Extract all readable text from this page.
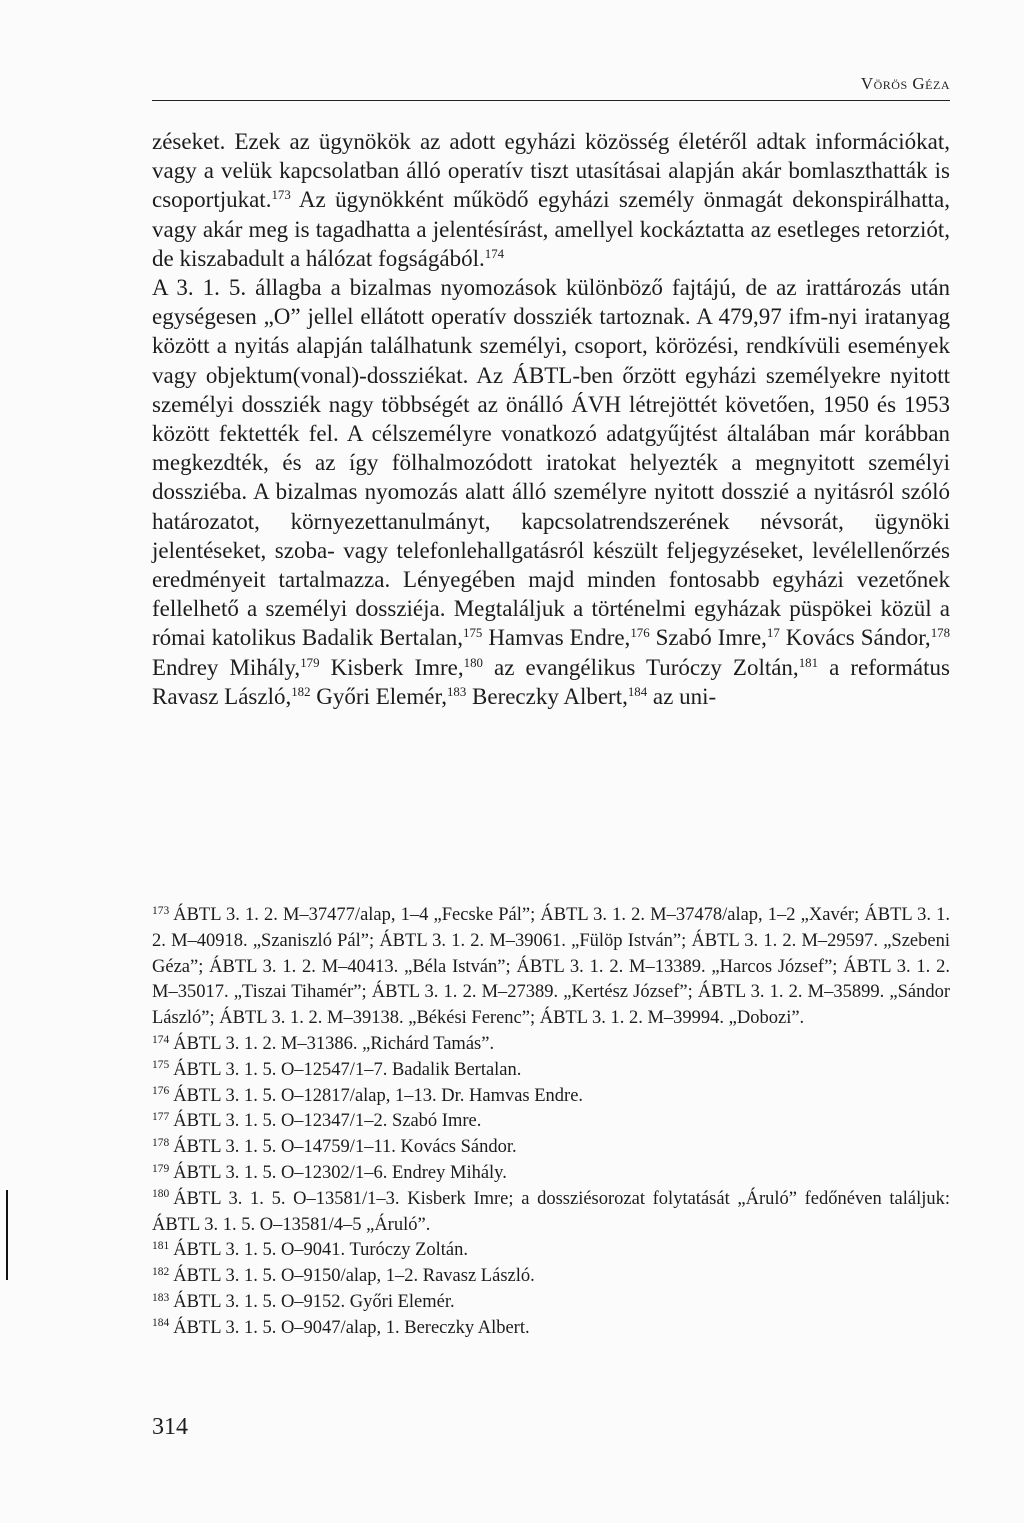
Vörös Géza

zéseket. Ezek az ügynökök az adott egyházi közösség életéről adtak információkat, vagy a velük kapcsolatban álló operatív tiszt utasításai alapján akár bomlaszthatták is csoportjukat.$^{173}$ Az ügynökként működő egyházi személy önmagát dekonspirálhatta, vagy akár meg is tagadhatta a jelentésírást, amellyel kockáztatta az esetleges retorziót, de kiszabadult a hálózat fogságából.$^{174}$

A 3. 1. 5. állagba a bizalmas nyomozások különböző fajtájú, de az irattározás után egységesen „O” jellel ellátott operatív dossziék tartoznak. A 479,97 ifm-nyi iratanyag között a nyitás alapján találhatunk személyi, csoport, körözési, rendkívüli események vagy objektum(vonal)-dossziékat. Az ÁBTL-ben őrzött egyházi személyekre nyitott személyi dossziék nagy többségét az önálló ÁVH létrejöttét követően, 1950 és 1953 között fektették fel. A célszemélyre vonatkozó adatgyűjtést általában már korábban megkezdték, és az így fölhalmozódott iratokat helyezték a megnyitott személyi dossziéba. A bizalmas nyomozás alatt álló személyre nyitott dosszié a nyitásról szóló határozatot, környezettanulmányt, kapcsolatrendszerének névsorát, ügynöki jelentéseket, szoba- vagy telefonlehallgatásról készült feljegyzéseket, levélellenőrzés eredményeit tartalmazza. Lényegében majd minden fontosabb egyházi vezetőnek fellelhető a személyi dossziéja. Megtaláljuk a történelmi egyházak püspökei közül a római katolikus Badalik Bertalan,$^{175}$ Hamvas Endre,$^{176}$ Szabó Imre,$^{17}$ Kovács Sándor,$^{178}$ Endrey Mihály,$^{179}$ Kisberk Imre,$^{180}$ az evangélikus Turóczy Zoltán,$^{181}$ a református Ravasz László,$^{182}$ Győri Elemér,$^{183}$ Bereczky Albert,$^{184}$ az uni-

$^{173}$ ÁBTL 3. 1. 2. M–37477/alap, 1–4 „Fecske Pál”; ÁBTL 3. 1. 2. M–37478/alap, 1–2 „Xavér; ÁBTL 3. 1. 2. M–40918. „Szaniszló Pál”; ÁBTL 3. 1. 2. M–39061. „Fülöp István”; ÁBTL 3. 1. 2. M–29597. „Szebeni Géza”; ÁBTL 3. 1. 2. M–40413. „Béla István”; ÁBTL 3. 1. 2. M–13389. „Harcos József”; ÁBTL 3. 1. 2. M–35017. „Tiszai Tihamér”; ÁBTL 3. 1. 2. M–27389. „Kertész József”; ÁBTL 3. 1. 2. M–35899. „Sándor László”; ÁBTL 3. 1. 2. M–39138. „Békési Ferenc”; ÁBTL 3. 1. 2. M–39994. „Dobozi”.

$^{174}$ ÁBTL 3. 1. 2. M–31386. „Richárd Tamás”.

$^{175}$ ÁBTL 3. 1. 5. O–12547/1–7. Badalik Bertalan.

$^{176}$ ÁBTL 3. 1. 5. O–12817/alap, 1–13. Dr. Hamvas Endre.

$^{177}$ ÁBTL 3. 1. 5. O–12347/1–2. Szabó Imre.

$^{178}$ ÁBTL 3. 1. 5. O–14759/1–11. Kovács Sándor.

$^{179}$ ÁBTL 3. 1. 5. O–12302/1–6. Endrey Mihály.

$^{180}$ ÁBTL 3. 1. 5. O–13581/1–3. Kisberk Imre; a dossziésorozat folytatását „Áruló” fedőnéven találjuk: ÁBTL 3. 1. 5. O–13581/4–5 „Áruló”.

$^{181}$ ÁBTL 3. 1. 5. O–9041. Turóczy Zoltán.

$^{182}$ ÁBTL 3. 1. 5. O–9150/alap, 1–2. Ravasz László.

$^{183}$ ÁBTL 3. 1. 5. O–9152. Győri Elemér.

$^{184}$ ÁBTL 3. 1. 5. O–9047/alap, 1. Bereczky Albert.

314
